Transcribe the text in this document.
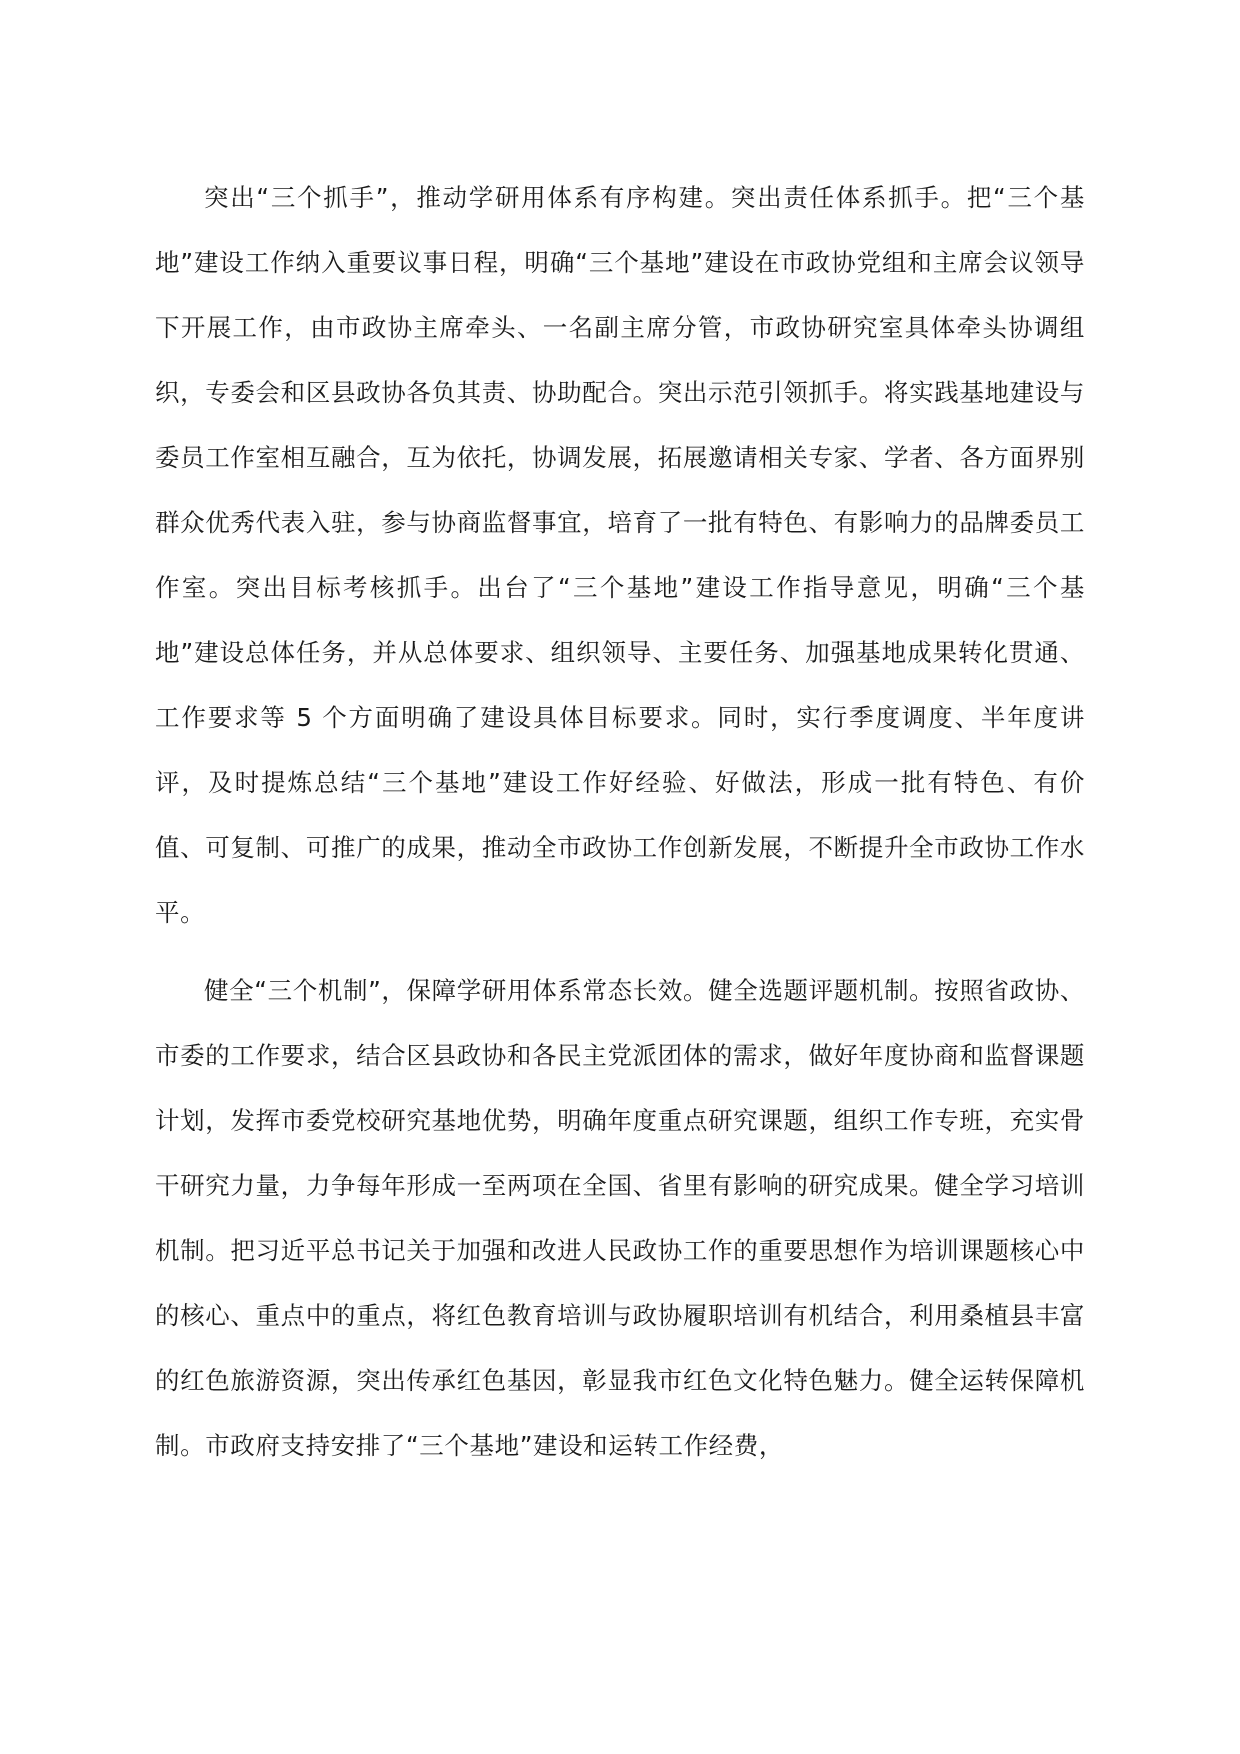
突出“三个抓手”，推动学研用体系有序构建。突出责任体系抓手。把“三个基地”建设工作纳入重要议事日程，明确“三个基地”建设在市政协党组和主席会议领导下开展工作，由市政协主席牵头、一名副主席分管，市政协研究室具体牵头协调组织，专委会和区县政协各负其责、协助配合。突出示范引领抓手。将实践基地建设与委员工作室相互融合，互为依托，协调发展，拓展邀请相关专家、学者、各方面界别群众优秀代表入驻，参与协商监督事宜，培育了一批有特色、有影响力的品牌委员工作室。突出目标考核抓手。出台了“三个基地”建设工作指导意见，明确“三个基地”建设总体任务，并从总体要求、组织领导、主要任务、加强基地成果转化贯通、工作要求等 5 个方面明确了建设具体目标要求。同时，实行季度调度、半年度讲评，及时提炼总结“三个基地”建设工作好经验、好做法，形成一批有特色、有价值、可复制、可推广的成果，推动全市政协工作创新发展，不断提升全市政协工作水平。

健全“三个机制”，保障学研用体系常态长效。健全选题评题机制。按照省政协、市委的工作要求，结合区县政协和各民主党派团体的需求，做好年度协商和监督课题计划，发挥市委党校研究基地优势，明确年度重点研究课题，组织工作专班，充实骨干研究力量，力争每年形成一至两项在全国、省里有影响的研究成果。健全学习培训机制。把习近平总书记关于加强和改进人民政协工作的重要思想作为培训课题核心中的核心、重点中的重点，将红色教育培训与政协履职培训有机结合，利用桑植县丰富的红色旅游资源，突出传承红色基因，彰显我市红色文化特色魅力。健全运转保障机制。市政府支持安排了“三个基地”建设和运转工作经费，
